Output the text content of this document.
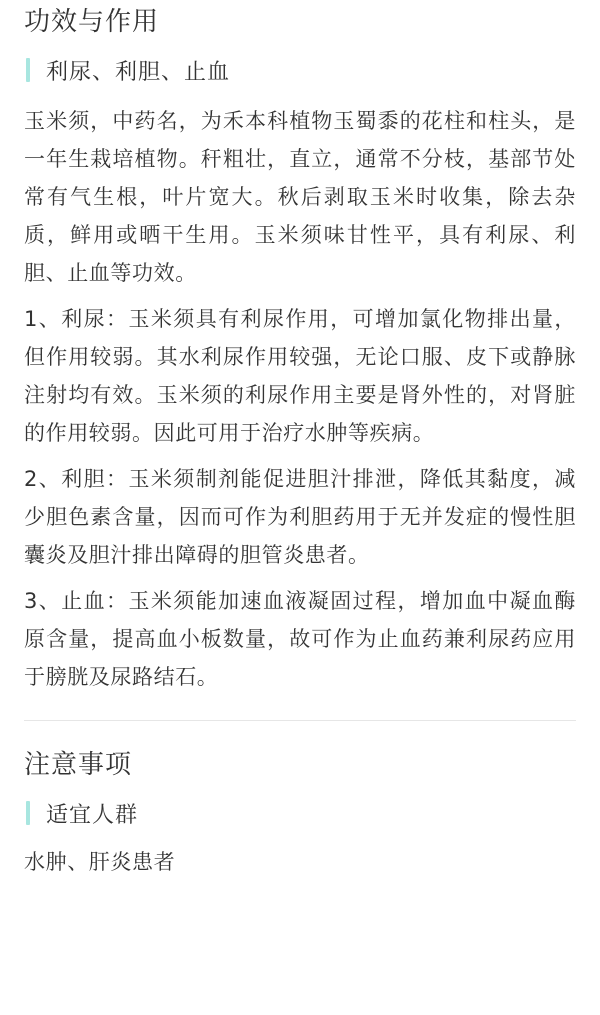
功效与作用
利尿、利胆、止血

玉米须，中药名，为禾本科植物玉蜀黍的花柱和柱头，是一年生栽培植物。秆粗壮，直立，通常不分枝，基部节处常有气生根，叶片宽大。秋后剥取玉米时收集，除去杂质，鲜用或晒干生用。玉米须味甘性平，具有利尿、利胆、止血等功效。

1、利尿：玉米须具有利尿作用，可增加氯化物排出量，但作用较弱。其水利尿作用较强，无论口服、皮下或静脉注射均有效。玉米须的利尿作用主要是肾外性的，对肾脏的作用较弱。因此可用于治疗水肿等疾病。

2、利胆：玉米须制剂能促进胆汁排泄，降低其黏度，减少胆色素含量，因而可作为利胆药用于无并发症的慢性胆囊炎及胆汁排出障碍的胆管炎患者。

3、止血：玉米须能加速血液凝固过程，增加血中凝血酶原含量，提高血小板数量，故可作为止血药兼利尿药应用于膀胱及尿路结石。

注意事项
适宜人群

水肿、肝炎患者
